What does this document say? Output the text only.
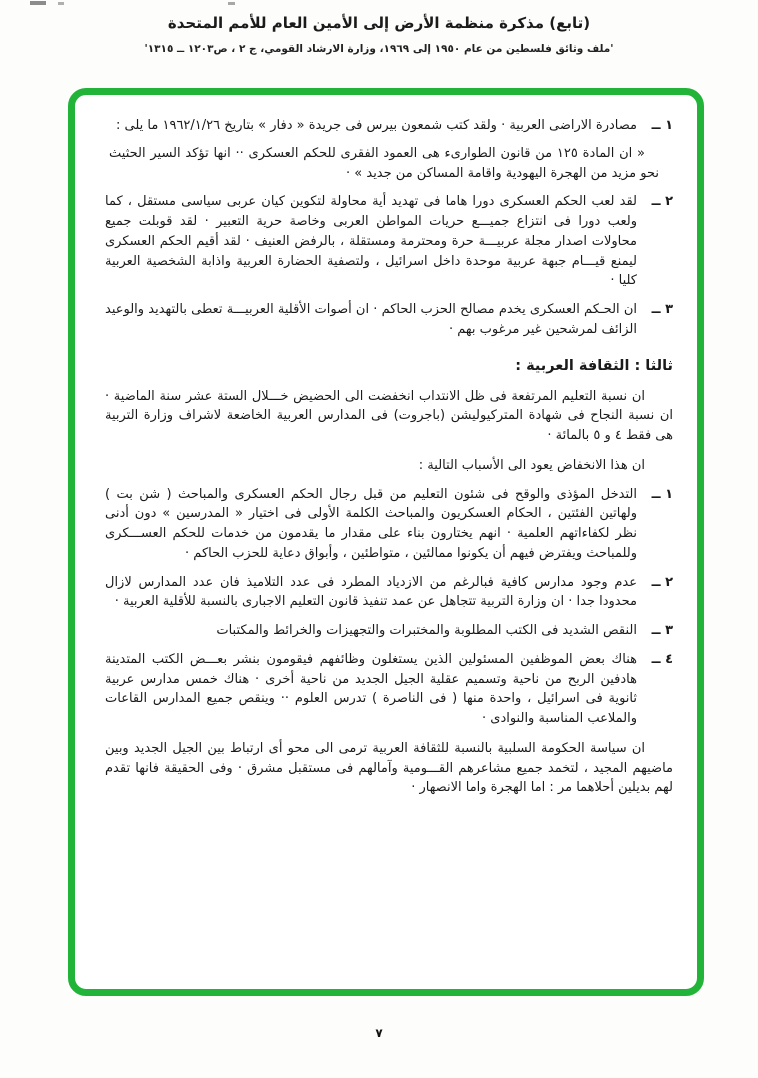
(تابع) مذكرة منظمة الأرض إلى الأمين العام للأمم المتحدة
'ملف وثائق فلسطين من عام ١٩٥٠ إلى ١٩٦٩، وزارة الارشاد القومي، ج ٢ ، ص١٢٠٣ ــ ١٣١٥'
١ ــ
مصادرة الاراضى العربية · ولقد كتب شمعون بيرس فى جريدة « دفار » بتاريخ ١٩٦٢/١/٢٦ ما يلى :
« ان المادة ١٢٥ من قانون الطوارىء هى العمود الفقرى للحكم العسكرى ·· انها تؤكد السير الحثيث نحو مزيد من الهجرة اليهودية واقامة المساكن من جديد » ·
٢ ــ
لقد لعب الحكم العسكرى دورا هاما فى تهديد أية محاولة لتكوين كيان عربى سياسى مستقل ، كما ولعب دورا فى انتزاع جميـــع حريات المواطن العربى وخاصة حرية التعبير · لقد قوبلت جميع محاولات اصدار مجلة عربيـــة حرة ومحترمة ومستقلة ، بالرفض العنيف · لقد أقيم الحكم العسكرى ليمنع قيـــام جبهة عربية موحدة داخل اسرائيل ، ولتصفية الحضارة العربية واذابة الشخصية العربية كليا ·
٣ ــ
ان الحـكم العسكرى يخدم مصالح الحزب الحاكم · ان أصوات الأقلية العربيـــة تعطى بالتهديد والوعيد الزائف لمرشحين غير مرغوب بهم ·
ثالثا : الثقافة العربية :
ان نسبة التعليم المرتفعة فى ظل الانتداب انخفضت الى الحضيض خـــلال الستة عشر سنة الماضية · ان نسبة النجاح فى شهادة المتركيوليشن (باجروت) فى المدارس العربية الخاضعة لاشراف وزارة التربية هى فقط ٤ و ٥ بالمائة ·
ان هذا الانخفاض يعود الى الأسباب التالية :
١ ــ
التدخل المؤذى والوقح فى شئون التعليم من قبل رجال الحكم العسكرى والمباحث ( شن بت ) ولهاتين الفئتين ، الحكام العسكريون والمباحث الكلمة الأولى فى اختيار « المدرسين » دون أدنى نظر لكفاءاتهم العلمية · انهم يختارون بناء على مقدار ما يقدمون من خدمات للحكم العســـكرى وللمباحث ويفترض فيهم أن يكونوا ممالئين ، متواطئين ، وأبواق دعاية للحزب الحاكم ·
٢ ــ
عدم وجود مدارس كافية فبالرغم من الازدياد المطرد فى عدد التلاميذ فان عدد المدارس لازال محدودا جدا · ان وزارة التربية تتجاهل عن عمد تنفيذ قانون التعليم الاجبارى بالنسبة للأقلية العربية ·
٣ ــ
النقص الشديد فى الكتب المطلوبة والمختبرات والتجهيزات والخرائط والمكتبات
٤ ــ
هناك بعض الموظفين المسئولين الذين يستغلون وظائفهم فيقومون بنشر بعـــض الكتب المتدينة هادفين الربح من ناحية وتسميم عقلية الجيل الجديد من ناحية أخرى · هناك خمس مدارس عربية ثانوية فى اسرائيل ، واحدة منها ( فى الناصرة ) تدرس العلوم ·· وينقص جميع المدارس القاعات والملاعب المناسبة والنوادى ·
ان سياسة الحكومة السلبية بالنسبة للثقافة العربية ترمى الى محو أى ارتباط بين الجيل الجديد وبين ماضيهم المجيد ، لتخمد جميع مشاعرهم القـــومية وآمالهم فى مستقبل مشرق · وفى الحقيقة فانها تقدم لهم بديلين أحلاهما مر : اما الهجرة واما الانصهار ·
٧
